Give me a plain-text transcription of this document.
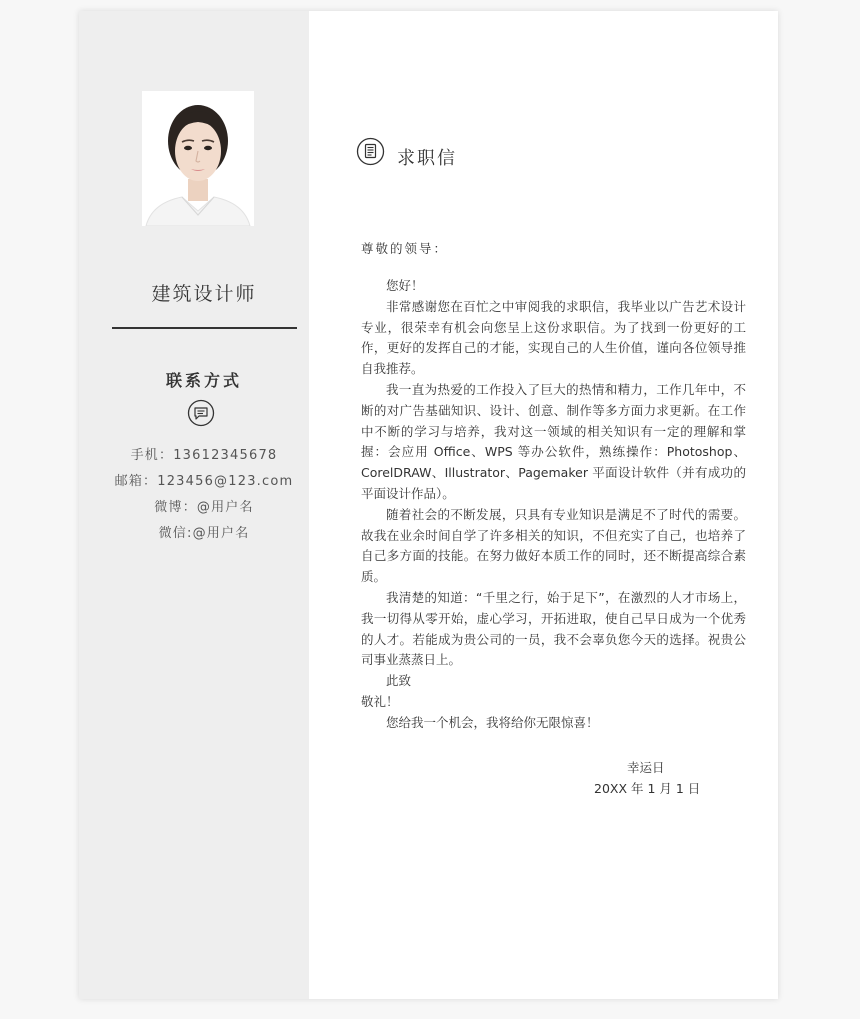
建筑设计师
联系方式
手机：13612345678
邮箱：123456@123.com
微博：@用户名
微信:@用户名
求职信
尊敬的领导：

您好！

非常感谢您在百忙之中审阅我的求职信，我毕业以广告艺术设计专业，很荣幸有机会向您呈上这份求职信。为了找到一份更好的工作，更好的发挥自己的才能，实现自己的人生价值，谨向各位领导推自我推荐。

我一直为热爱的工作投入了巨大的热情和精力，工作几年中，不断的对广告基础知识、设计、创意、制作等多方面力求更新。在工作中不断的学习与培养，我对这一领域的相关知识有一定的理解和掌握：会应用 Office、WPS 等办公软件，熟练操作：Photoshop、CorelDRAW、Illustrator、Pagemaker 平面设计软件（并有成功的平面设计作品）。

随着社会的不断发展，只具有专业知识是满足不了时代的需要。故我在业余时间自学了许多相关的知识，不但充实了自己，也培养了自己多方面的技能。在努力做好本质工作的同时，还不断提高综合素质。

我清楚的知道：“千里之行，始于足下”，在激烈的人才市场上，我一切得从零开始，虚心学习，开拓进取，使自己早日成为一个优秀的人才。若能成为贵公司的一员，我不会辜负您今天的选择。祝贵公司事业蒸蒸日上。

此致

敬礼！

您给我一个机会，我将给你无限惊喜！

幸运日
20XX 年 1 月 1 日
